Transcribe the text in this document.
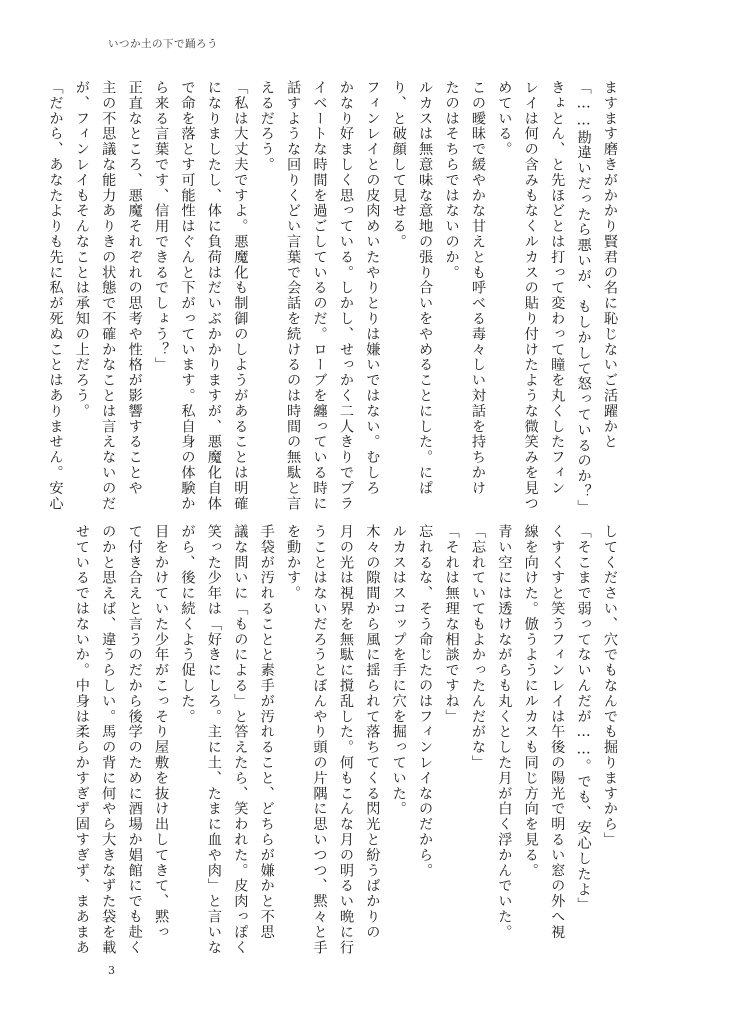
いつか土の下で踊ろう

ますます磨きがかかり賢君の名に恥じないご活躍かと

「……勘違いだったら悪いが、もしかして怒っているのか？」

きょとん、と先ほどとは打って変わって瞳を丸くしたフィン

レイは何の含みもなくルカスの貼り付けたような微笑みを見つ

めている。

この曖昧で緩やかな甘えとも呼べる毒々しい対話を持ちかけ

たのはそちらではないのか。

ルカスは無意味な意地の張り合いをやめることにした。にぱ

り、と破顔して見せる。

フィンレイとの皮肉めいたやりとりは嫌いではない。むしろ

かなり好ましく思っている。しかし、せっかく二人きりでプラ

イベートな時間を過ごしているのだ。ローブを纏っている時に

話すような回りくどい言葉で会話を続けるのは時間の無駄と言

えるだろう。

「私は大丈夫ですよ。悪魔化も制御のしようがあることは明確

になりましたし、体に負荷はだいぶかかりますが、悪魔化自体

で命を落とす可能性はぐんと下がっています。私自身の体験か

ら来る言葉です、信用できるでしょう？」

正直なところ、悪魔それぞれの思考や性格が影響することや

主の不思議な能力ありきの状態で不確かなことは言えないのだ

が、フィンレイもそんなことは承知の上だろう。

「だから、あなたよりも先に私が死ぬことはありません。安心

してください、穴でもなんでも掘りますから」

「そこまで弱ってないんだが……。でも、安心したよ」

くすくすと笑うフィンレイは午後の陽光で明るい窓の外へ視

線を向けた。倣うようにルカスも同じ方向を見る。

青い空には透けながらも丸くとした月が白く浮かんでいた。

「忘れていてもよかったんだがな」

「それは無理な相談ですね」

忘れるな、そう命じたのはフィンレイなのだから。

ルカスはスコップを手に穴を掘っていた。

木々の隙間から風に揺られて落ちてくる閃光と紛うばかりの

月の光は視界を無駄に撹乱した。何もこんな月の明るい晩に行

うことはないだろうとぼんやり頭の片隅に思いつつ、黙々と手

を動かす。

手袋が汚れることと素手が汚れること、どちらが嫌かと不思

議な問いに「ものによる」と答えたら、笑われた。皮肉っぽく

笑った少年は「好きにしろ。主に土、たまに血や肉」と言いな

がら、後に続くよう促した。

目をかけていた少年がこっそり屋敷を抜け出してきて、黙っ

て付き合えと言うのだから後学のために酒場か娼館にでも赴く

のかと思えば、違うらしい。馬の背に何やら大きなずた袋を載

せているではないか。中身は柔らかすぎず固すぎず、まあまあ

3
